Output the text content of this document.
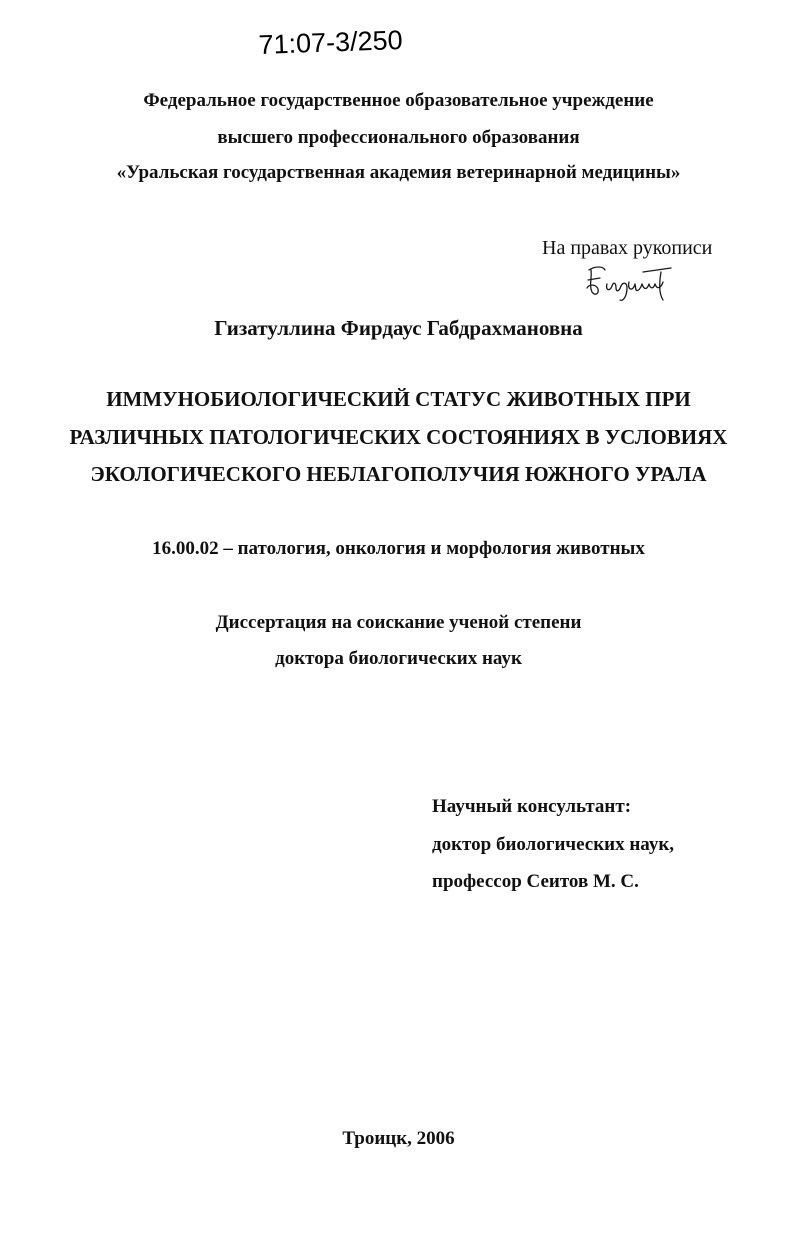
71:07-3/250

Федеральное государственное образовательное учреждение

высшего профессионального образования

«Уральская государственная академия ветеринарной медицины»

На правах рукописи

Гизатуллина Фирдаус Габдрахмановна

ИММУНОБИОЛОГИЧЕСКИЙ СТАТУС ЖИВОТНЫХ ПРИ

РАЗЛИЧНЫХ ПАТОЛОГИЧЕСКИХ СОСТОЯНИЯХ В УСЛОВИЯХ

ЭКОЛОГИЧЕСКОГО НЕБЛАГОПОЛУЧИЯ ЮЖНОГО УРАЛА

16.00.02 – патология, онкология и морфология животных

Диссертация на соискание ученой степени

доктора биологических наук

Научный консультант:

доктор биологических наук,

профессор Сеитов М. С.

Троицк, 2006
